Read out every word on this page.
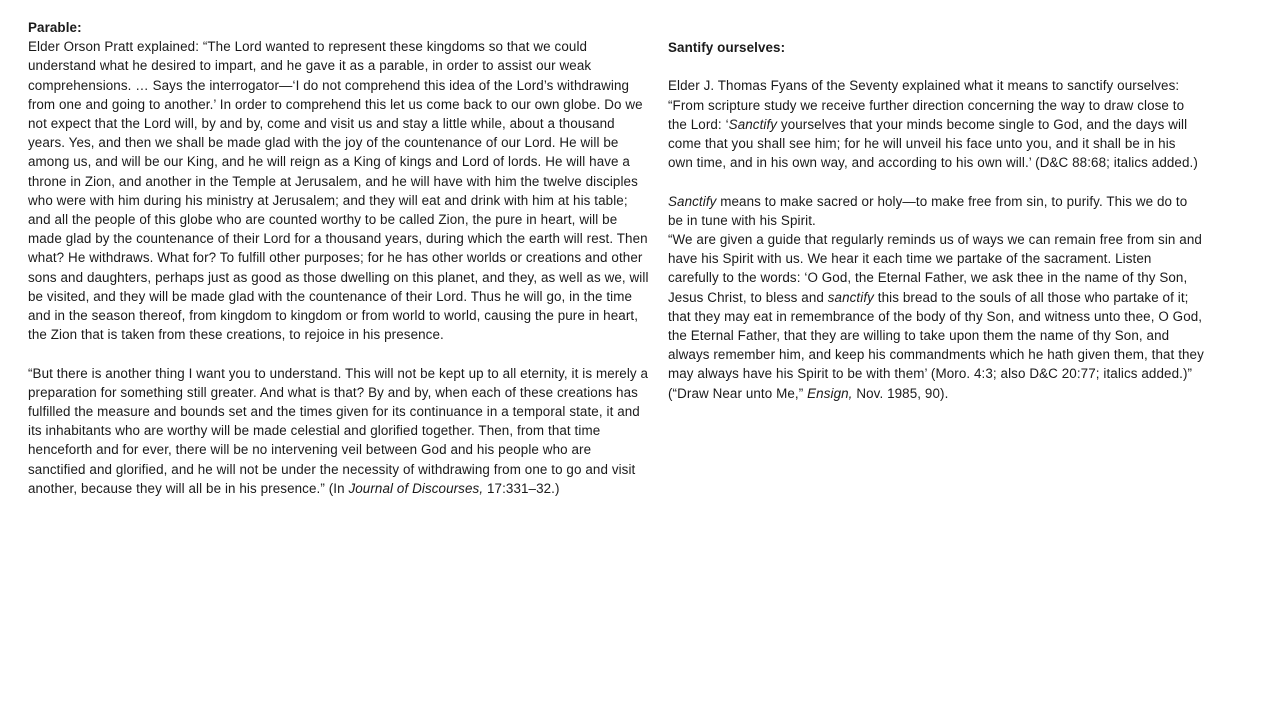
Parable:

Elder Orson Pratt explained: “The Lord wanted to represent these kingdoms so that we could understand what he desired to impart, and he gave it as a parable, in order to assist our weak comprehensions. … Says the interrogator—‘I do not comprehend this idea of the Lord’s withdrawing from one and going to another.’ In order to comprehend this let us come back to our own globe. Do we not expect that the Lord will, by and by, come and visit us and stay a little while, about a thousand years. Yes, and then we shall be made glad with the joy of the countenance of our Lord. He will be among us, and will be our King, and he will reign as a King of kings and Lord of lords. He will have a throne in Zion, and another in the Temple at Jerusalem, and he will have with him the twelve disciples who were with him during his ministry at Jerusalem; and they will eat and drink with him at his table; and all the people of this globe who are counted worthy to be called Zion, the pure in heart, will be made glad by the countenance of their Lord for a thousand years, during which the earth will rest. Then what? He withdraws. What for? To fulfill other purposes; for he has other worlds or creations and other sons and daughters, perhaps just as good as those dwelling on this planet, and they, as well as we, will be visited, and they will be made glad with the countenance of their Lord. Thus he will go, in the time and in the season thereof, from kingdom to kingdom or from world to world, causing the pure in heart, the Zion that is taken from these creations, to rejoice in his presence.

“But there is another thing I want you to understand. This will not be kept up to all eternity, it is merely a preparation for something still greater. And what is that? By and by, when each of these creations has fulfilled the measure and bounds set and the times given for its continuance in a temporal state, it and its inhabitants who are worthy will be made celestial and glorified together. Then, from that time henceforth and for ever, there will be no intervening veil between God and his people who are sanctified and glorified, and he will not be under the necessity of withdrawing from one to go and visit another, because they will all be in his presence.” (In Journal of Discourses, 17:331–32.)

Santify ourselves:

Elder J. Thomas Fyans of the Seventy explained what it means to sanctify ourselves:

“From scripture study we receive further direction concerning the way to draw close to the Lord: ‘Sanctify yourselves that your minds become single to God, and the days will come that you shall see him; for he will unveil his face unto you, and it shall be in his own time, and in his own way, and according to his own will.’ (D&C 88:68; italics added.)

Sanctify means to make sacred or holy—to make free from sin, to purify. This we do to be in tune with his Spirit.

“We are given a guide that regularly reminds us of ways we can remain free from sin and have his Spirit with us. We hear it each time we partake of the sacrament. Listen carefully to the words: ‘O God, the Eternal Father, we ask thee in the name of thy Son, Jesus Christ, to bless and sanctify this bread to the souls of all those who partake of it; that they may eat in remembrance of the body of thy Son, and witness unto thee, O God, the Eternal Father, that they are willing to take upon them the name of thy Son, and always remember him, and keep his commandments which he hath given them, that they may always have his Spirit to be with them’ (Moro. 4:3; also D&C 20:77; italics added.)” (“Draw Near unto Me,” Ensign, Nov. 1985, 90).
